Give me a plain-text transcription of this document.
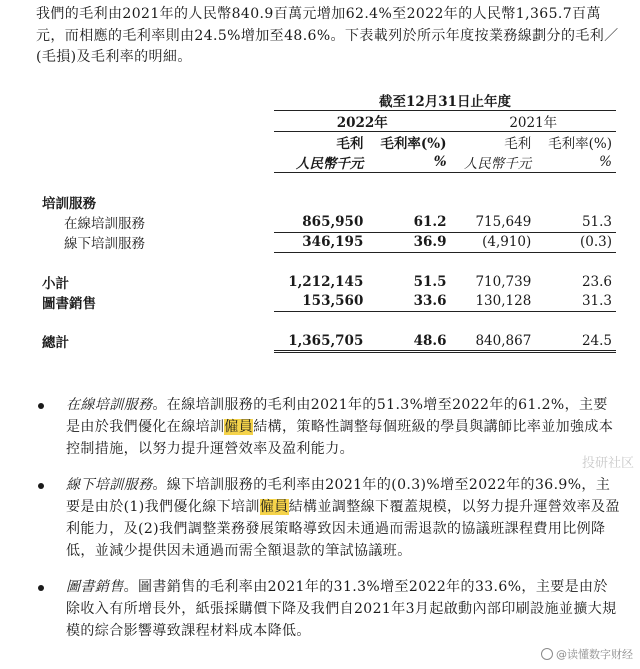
我們的毛利由2021年的人民幣840.9百萬元增加62.4%至2022年的人民幣1,365.7百萬元，而相應的毛利率則由24.5%增加至48.6%。下表載列於所示年度按業務線劃分的毛利／(毛損)及毛利率的明細。

	截至12月31日止年度
	2022年	2021年
	毛利	毛利率(%)	毛利	毛利率(%)
	人民幣千元	%	人民幣千元	%

培訓服務				
在線培訓服務	865,950	61.2	715,649	51.3
線下培訓服務	346,195	36.9	(4,910)	(0.3)

小計	1,212,145	51.5	710,739	23.6
圖書銷售	153,560	33.6	130,128	31.3

總計	1,365,705	48.6	840,867	24.5

在線培訓服務。在線培訓服務的毛利由2021年的51.3%增至2022年的61.2%，主要是由於我們優化在線培訓僱員結構，策略性調整每個班級的學員與講師比率並加強成本控制措施，以努力提升運營效率及盈利能力。

線下培訓服務。線下培訓服務的毛利率由2021年的(0.3)%增至2022年的36.9%，主要是由於(1)我們優化線下培訓僱員結構並調整線下覆蓋規模，以努力提升運營效率及盈利能力，及(2)我們調整業務發展策略導致因未通過而需退款的協議班課程費用比例降低，並減少提供因未通過而需全額退款的筆試協議班。

圖書銷售。圖書銷售的毛利率由2021年的31.3%增至2022年的33.6%，主要是由於除收入有所增長外，紙張採購價下降及我們自2021年3月起啟動內部印刷設施並擴大規模的綜合影響導致課程材料成本降低。

投研社区
@读懂数字财经
